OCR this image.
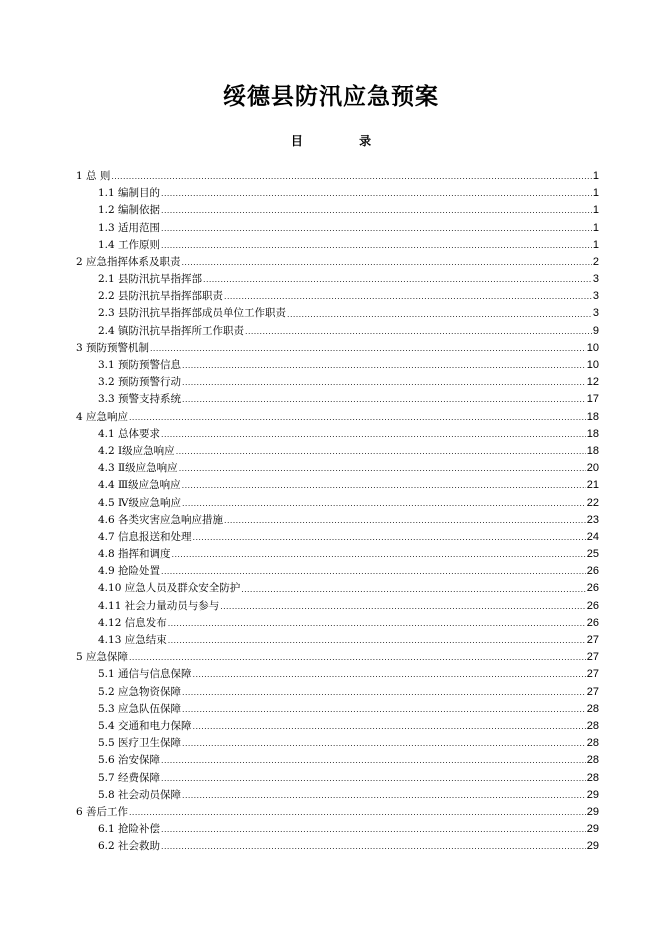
绥德县防汛应急预案
目 录
1 总 则 .....	1
1.1 编制目的 .....	1
1.2 编制依据 .....	1
1.3 适用范围 .....	1
1.4 工作原则 .....	1
2 应急指挥体系及职责 .....	2
2.1 县防汛抗旱指挥部 .....	3
2.2 县防汛抗旱指挥部职责 .....	3
2.3 县防汛抗旱指挥部成员单位工作职责 .....	3
2.4 镇防汛抗旱指挥所工作职责 .....	9
3 预防预警机制 .....	10
3.1 预防预警信息 .....	10
3.2 预防预警行动 .....	12
3.3 预警支持系统 .....	17
4 应急响应 .....	18
4.1 总体要求 .....	18
4.2 Ⅰ级应急响应 .....	18
4.3 Ⅱ级应急响应 .....	20
4.4 Ⅲ级应急响应 .....	21
4.5 Ⅳ级应急响应 .....	22
4.6 各类灾害应急响应措施 .....	23
4.7 信息报送和处理 .....	24
4.8 指挥和调度 .....	25
4.9 抢险处置 .....	26
4.10 应急人员及群众安全防护 .....	26
4.11 社会力量动员与参与 .....	26
4.12 信息发布 .....	26
4.13 应急结束 .....	27
5 应急保障 .....	27
5.1 通信与信息保障 .....	27
5.2 应急物资保障 .....	27
5.3 应急队伍保障 .....	28
5.4 交通和电力保障 .....	28
5.5 医疗卫生保障 .....	28
5.6 治安保障 .....	28
5.7 经费保障 .....	28
5.8 社会动员保障 .....	29
6 善后工作 .....	29
6.1 抢险补偿 .....	29
6.2 社会救助 .....	29
